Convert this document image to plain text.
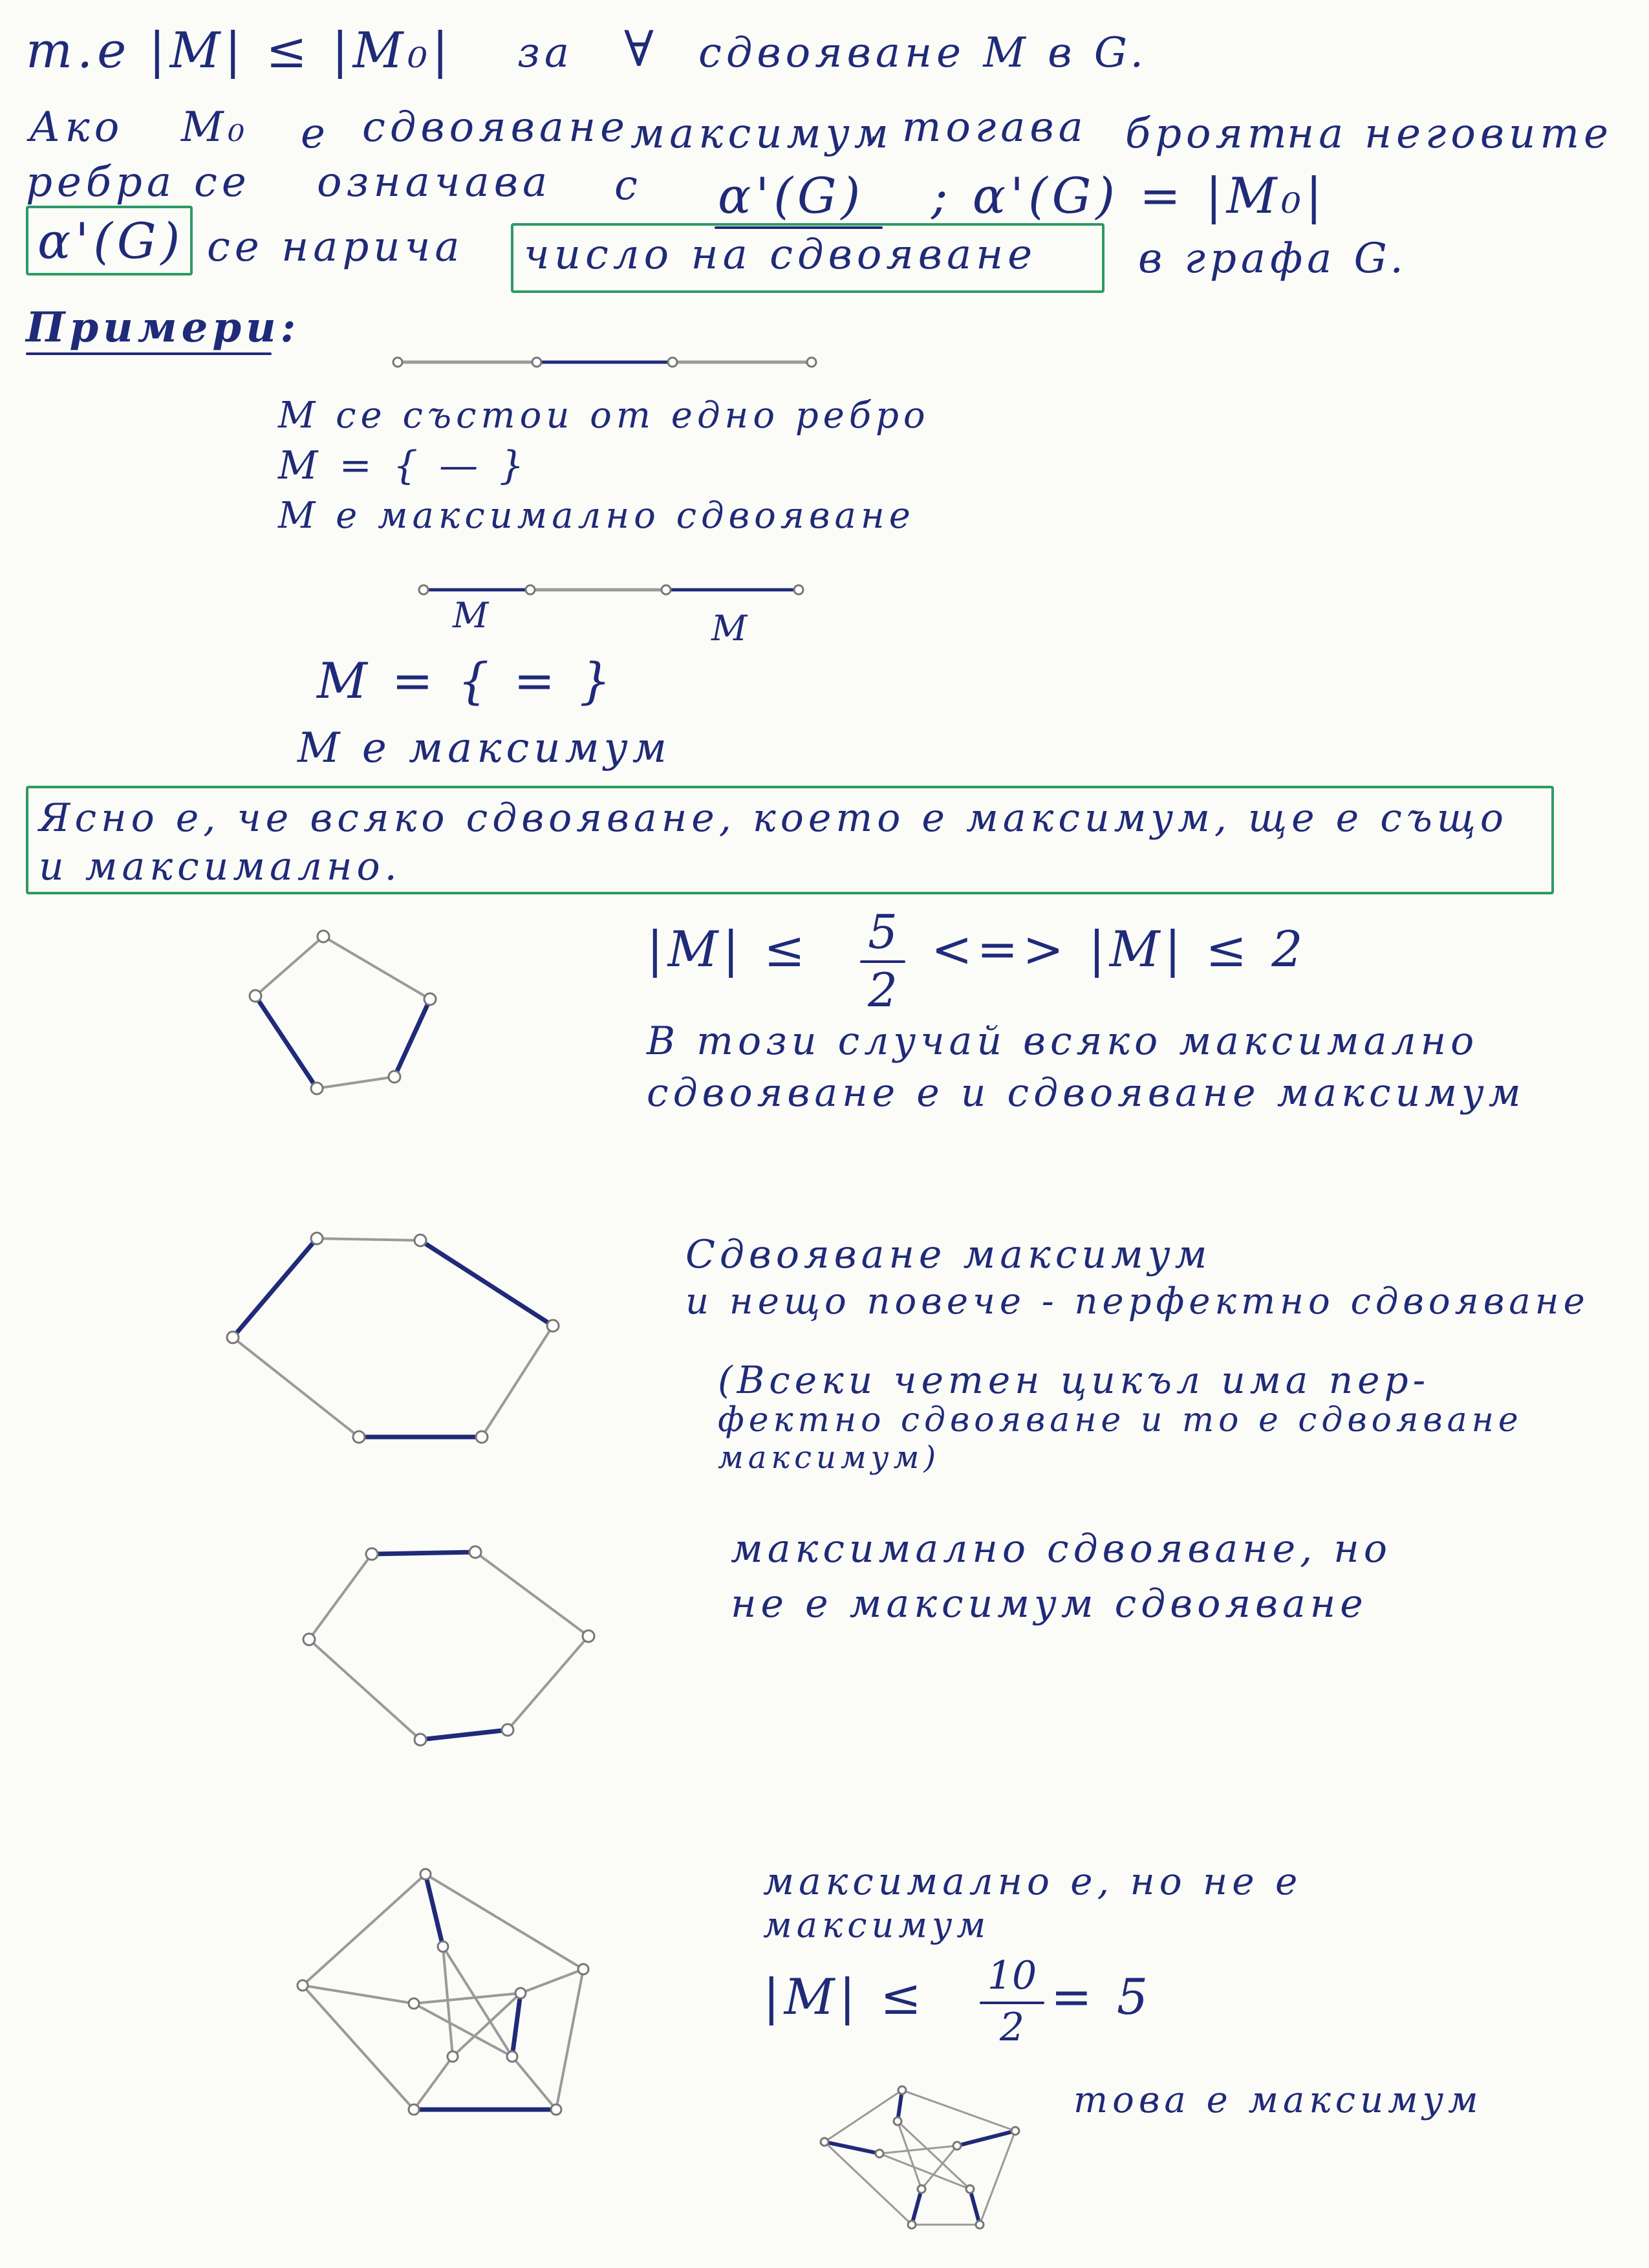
т.е |M| ≤ |M₀| за ∀ сдвояване M в G.
Ако M₀ е сдвояване максимум
, тогава броят
на неговите
ребра се означава с α'(G) ; α'(G) = |M₀|
α'(G) се нарича число на сдвояване в графа G.
Примери:
M се състои от едно ребро
M = { — }
M е максимално сдвояване
M	M
M = { = }
M е максимум
Ясно е, че всяко сдвояване, което е максимум, ще е също
и максимално.
|M| ≤ 5
2
<=> |M| ≤ 2
В този случай всяко максимално
сдвояване е и сдвояване максимум
Сдвояване максимум
и нещо повече - перфектно сдвояване
(Всеки четен цикъл има пер-
фектно сдвояване и то е сдвояване
максимум)
максимално сдвояване, но
не е максимум сдвояване
максимално е, но не е
максимум
|M| ≤ 10
2
= 5
това е максимум
